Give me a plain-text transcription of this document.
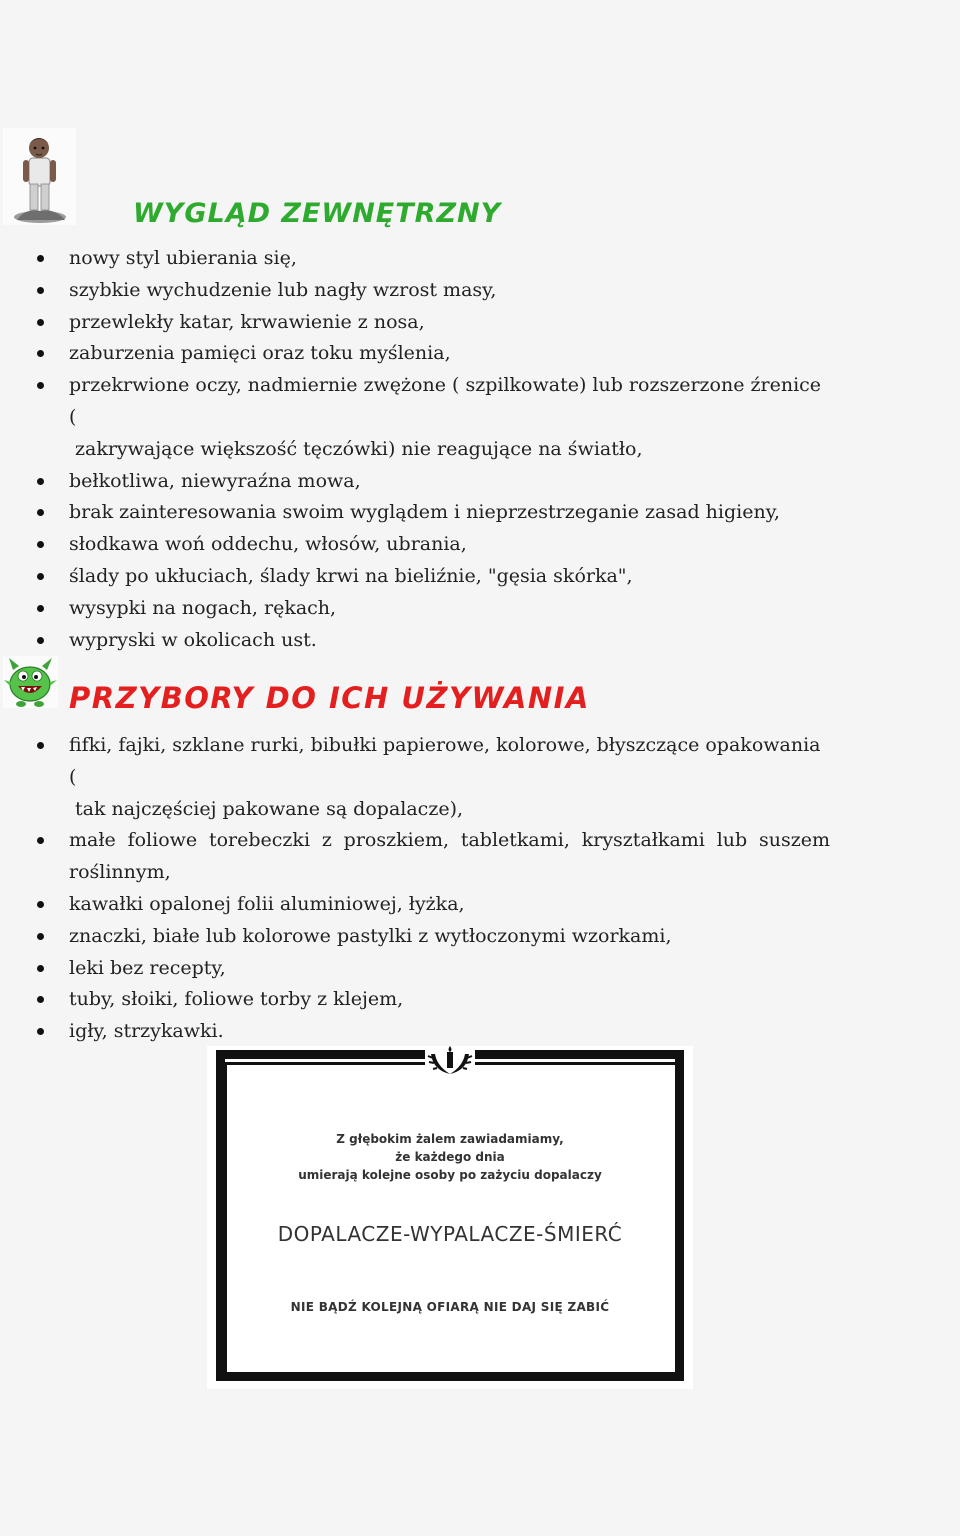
WYGLĄD ZEWNĘTRZNY
nowy styl ubierania się,
szybkie wychudzenie lub nagły wzrost masy,
przewlekły katar, krwawienie z nosa,
zaburzenia pamięci oraz toku myślenia,
przekrwione oczy, nadmiernie zwężone ( szpilkowate) lub rozszerzone źrenice (
zakrywające większość tęczówki) nie reagujące na światło,
bełkotliwa, niewyraźna mowa,
brak zainteresowania swoim wyglądem i nieprzestrzeganie zasad higieny,
słodkawa woń oddechu, włosów, ubrania,
ślady po ukłuciach, ślady krwi na bieliźnie, "gęsia skórka",
wysypki na nogach, rękach,
wypryski w okolicach ust.
PRZYBORY DO ICH UŻYWANIA
fifki, fajki, szklane rurki, bibułki papierowe, kolorowe, błyszczące opakowania (
tak najczęściej pakowane są dopalacze),
małe foliowe torebeczki z proszkiem, tabletkami, kryształkami lub suszem roślinnym,
kawałki opalonej folii aluminiowej, łyżka,
znaczki, białe lub kolorowe pastylki z wytłoczonymi wzorkami,
leki bez recepty,
tuby, słoiki, foliowe torby z klejem,
igły, strzykawki.
Z głębokim żalem zawiadamiamy,
że każdego dnia
umierają kolejne osoby po zażyciu dopalaczy
DOPALACZE-WYPALACZE-ŚMIERĆ
NIE BĄDŹ KOLEJNĄ OFIARĄ NIE DAJ SIĘ ZABIĆ
